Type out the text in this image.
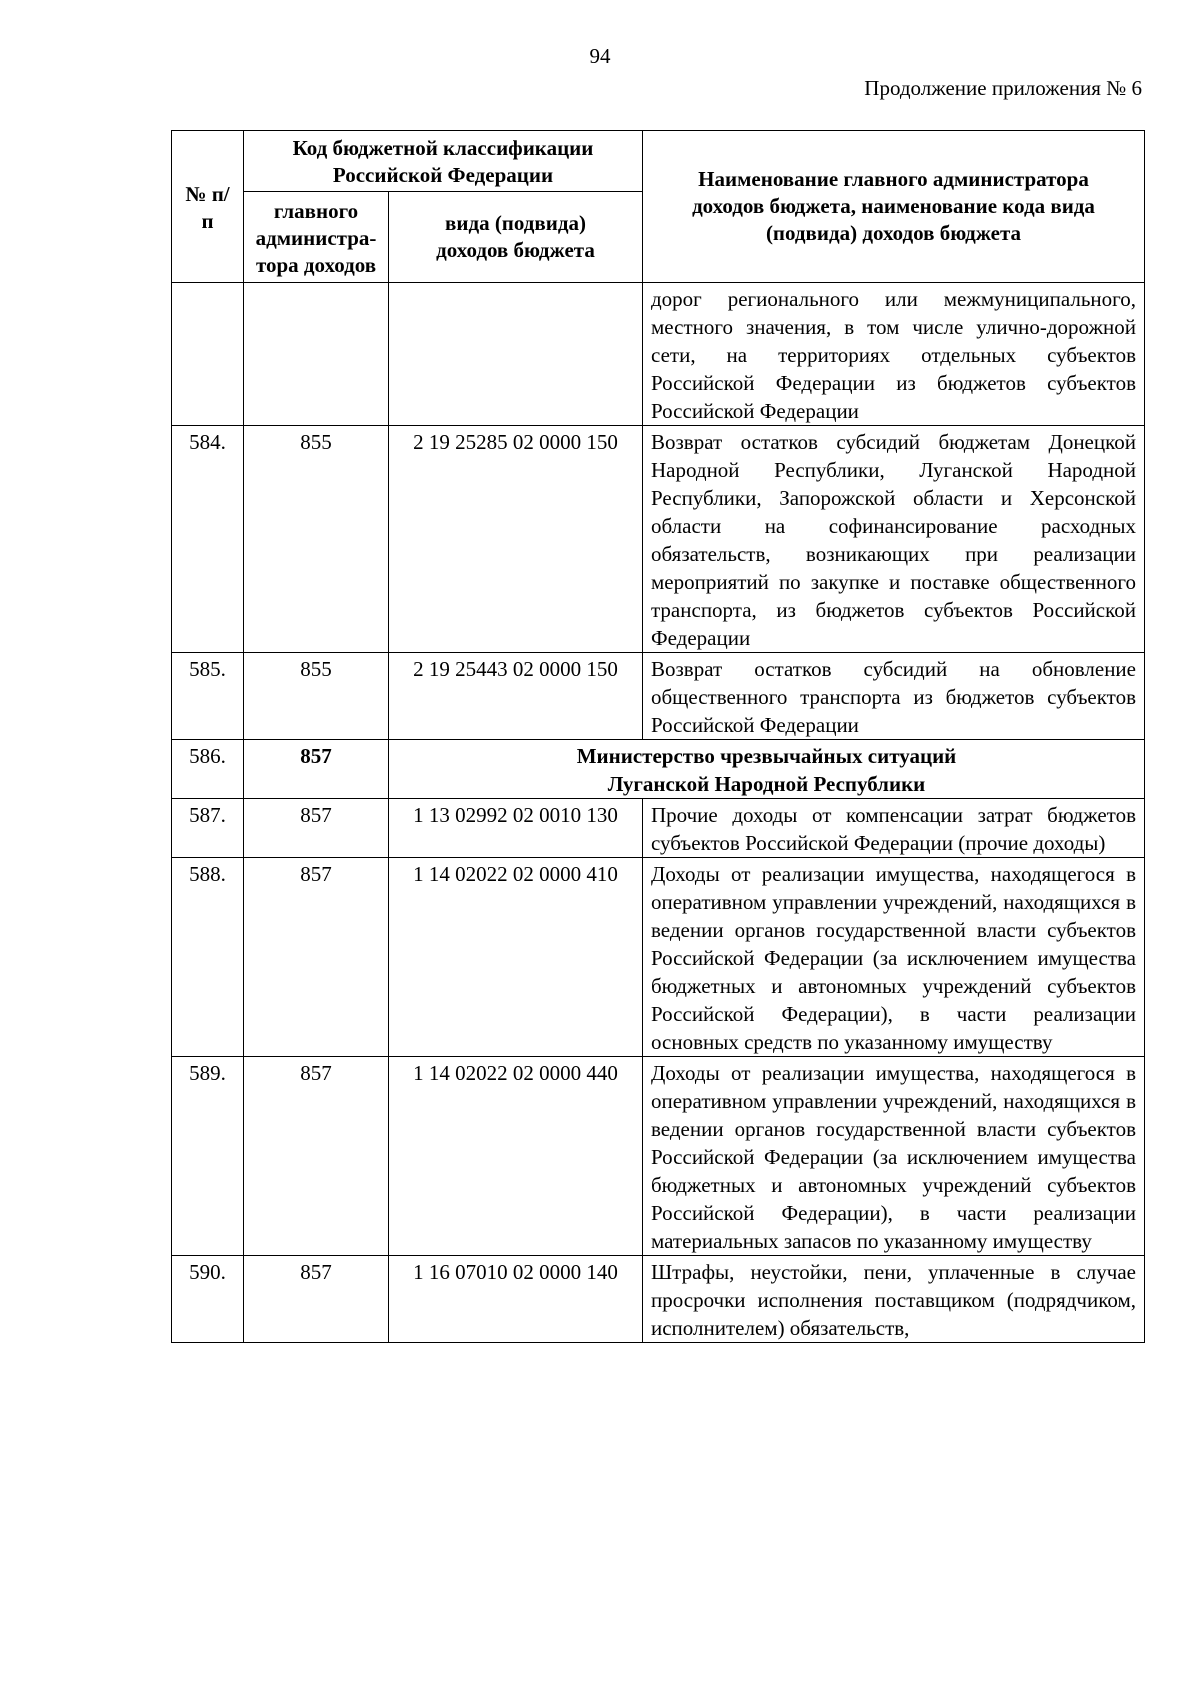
94
Продолжение приложения № 6
№ п/п	Код бюджетной классификации Российской Федерации		Наименование главного администратора доходов бюджета, наименование кода вида (подвида) доходов бюджета
	главного администра-тора доходов	вида (подвида) доходов бюджета	
			дорог регионального или межмуниципального, местного значения, в том числе улично-дорожной сети, на территориях отдельных субъектов Российской Федерации из бюджетов субъектов Российской Федерации
584.	855	2 19 25285 02 0000 150	Возврат остатков субсидий бюджетам Донецкой Народной Республики, Луганской Народной Республики, Запорожской области и Херсонской области на софинансирование расходных обязательств, возникающих при реализации мероприятий по закупке и поставке общественного транспорта, из бюджетов субъектов Российской Федерации
585.	855	2 19 25443 02 0000 150	Возврат остатков субсидий на обновление общественного транспорта из бюджетов субъектов Российской Федерации
586.	857	Министерство чрезвычайных ситуаций
Луганской Народной Республики	

587.	857	1 13 02992 02 0010 130	Прочие доходы от компенсации затрат бюджетов субъектов Российской Федерации (прочие доходы)
588.	857	1 14 02022 02 0000 410	Доходы от реализации имущества, находящегося в оперативном управлении учреждений, находящихся в ведении органов государственной власти субъектов Российской Федерации (за исключением имущества бюджетных и автономных учреждений субъектов Российской Федерации), в части реализации основных средств по указанному имуществу
589.	857	1 14 02022 02 0000 440	Доходы от реализации имущества, находящегося в оперативном управлении учреждений, находящихся в ведении органов государственной власти субъектов Российской Федерации (за исключением имущества бюджетных и автономных учреждений субъектов Российской Федерации), в части реализации материальных запасов по указанному имуществу
590.	857	1 16 07010 02 0000 140	Штрафы, неустойки, пени, уплаченные в случае просрочки исполнения поставщиком (подрядчиком, исполнителем) обязательств,
